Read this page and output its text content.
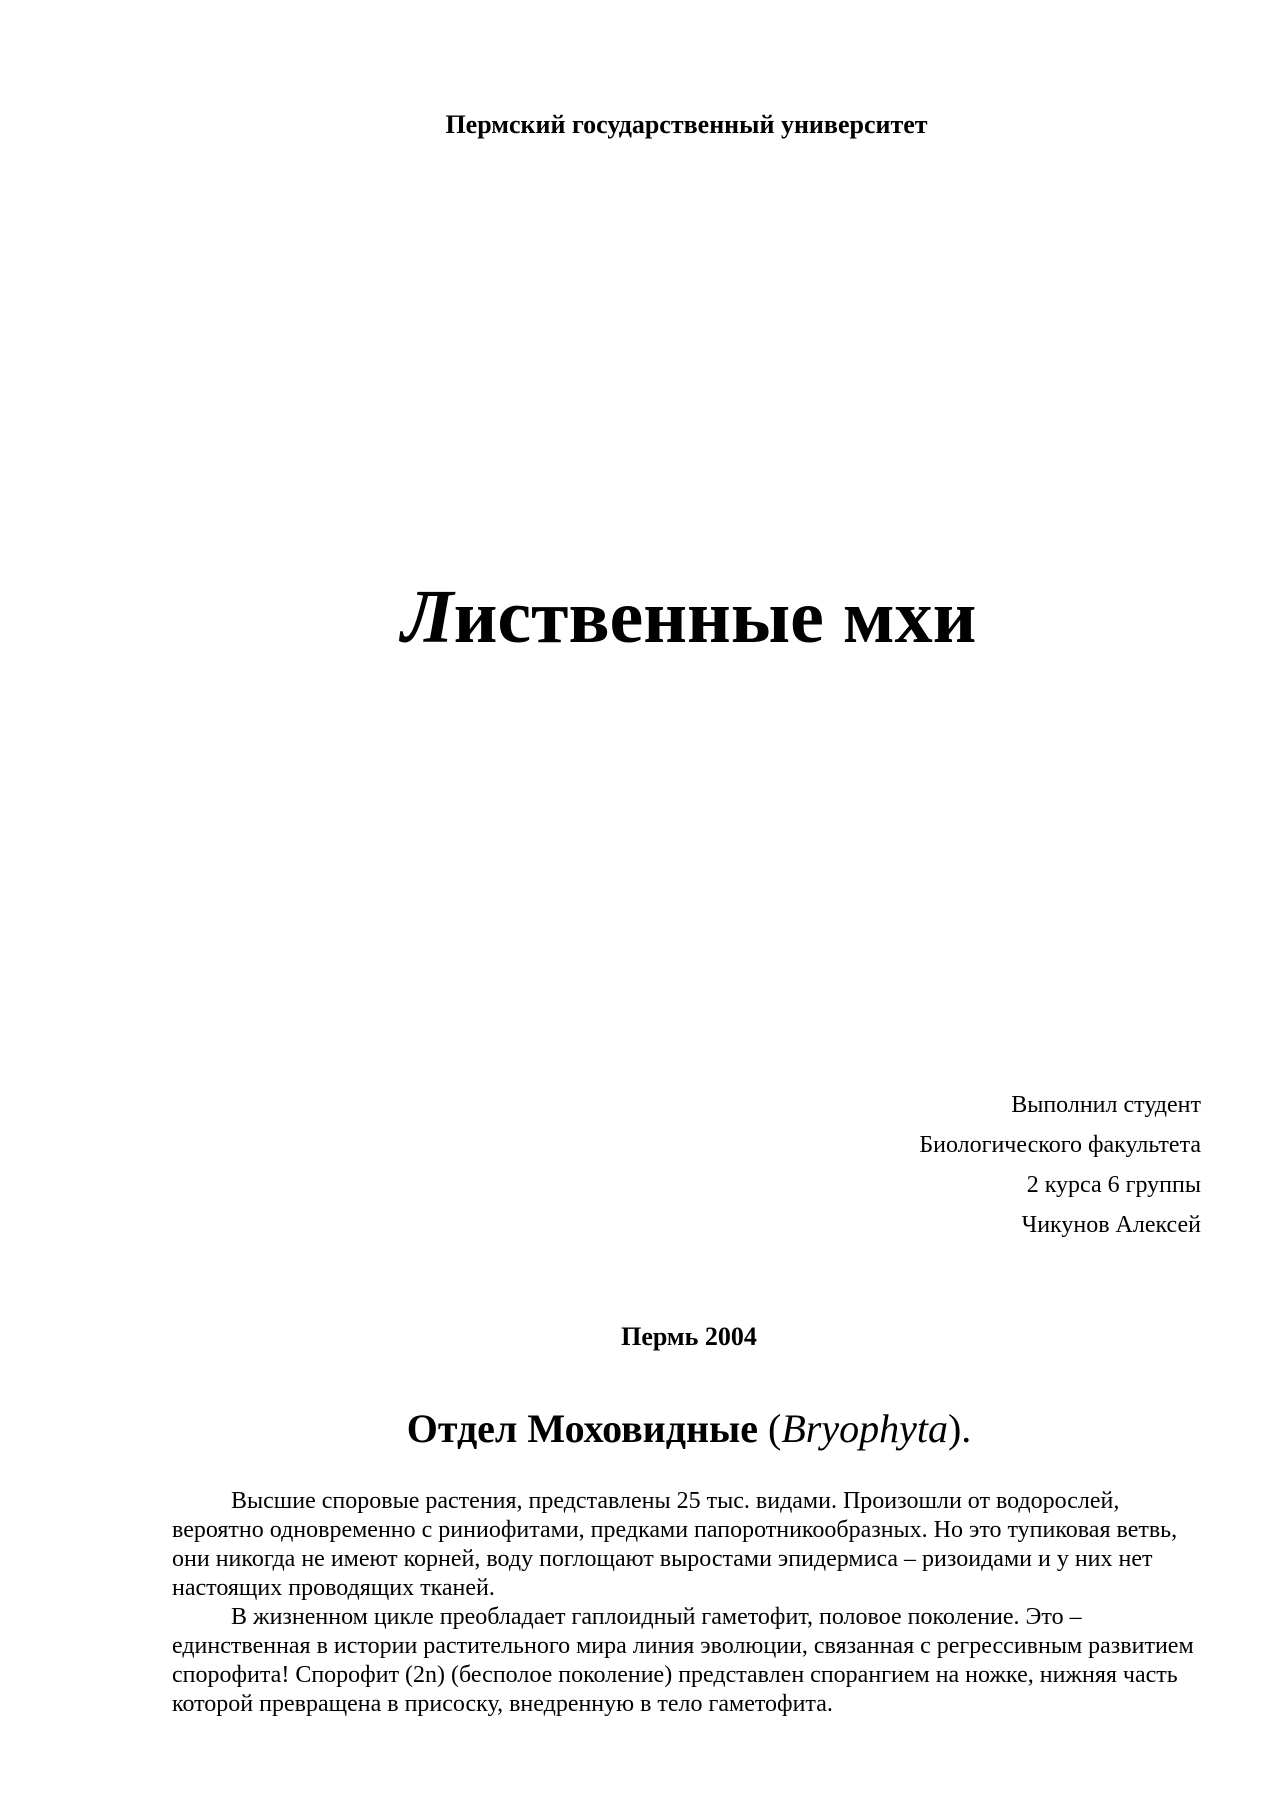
Пермский государственный университет
Лиственные мхи
Выполнил студент
Биологического факультета
2 курса 6 группы
Чикунов Алексей
Пермь 2004
Отдел Моховидные (Bryophyta).

Высшие споровые растения, представлены 25 тыс. видами. Произошли от водорослей, вероятно одновременно с риниофитами, предками папоротникообразных. Но это тупиковая ветвь, они никогда не имеют корней, воду поглощают выростами эпидермиса – ризоидами и у них нет настоящих проводящих тканей.

В жизненном цикле преобладает гаплоидный гаметофит, половое поколение. Это – единственная в истории растительного мира линия эволюции, связанная с регрессивным развитием спорофита! Спорофит (2n) (бесполое поколение) представлен спорангием на ножке, нижняя часть которой превращена в присоску, внедренную в тело гаметофита.
